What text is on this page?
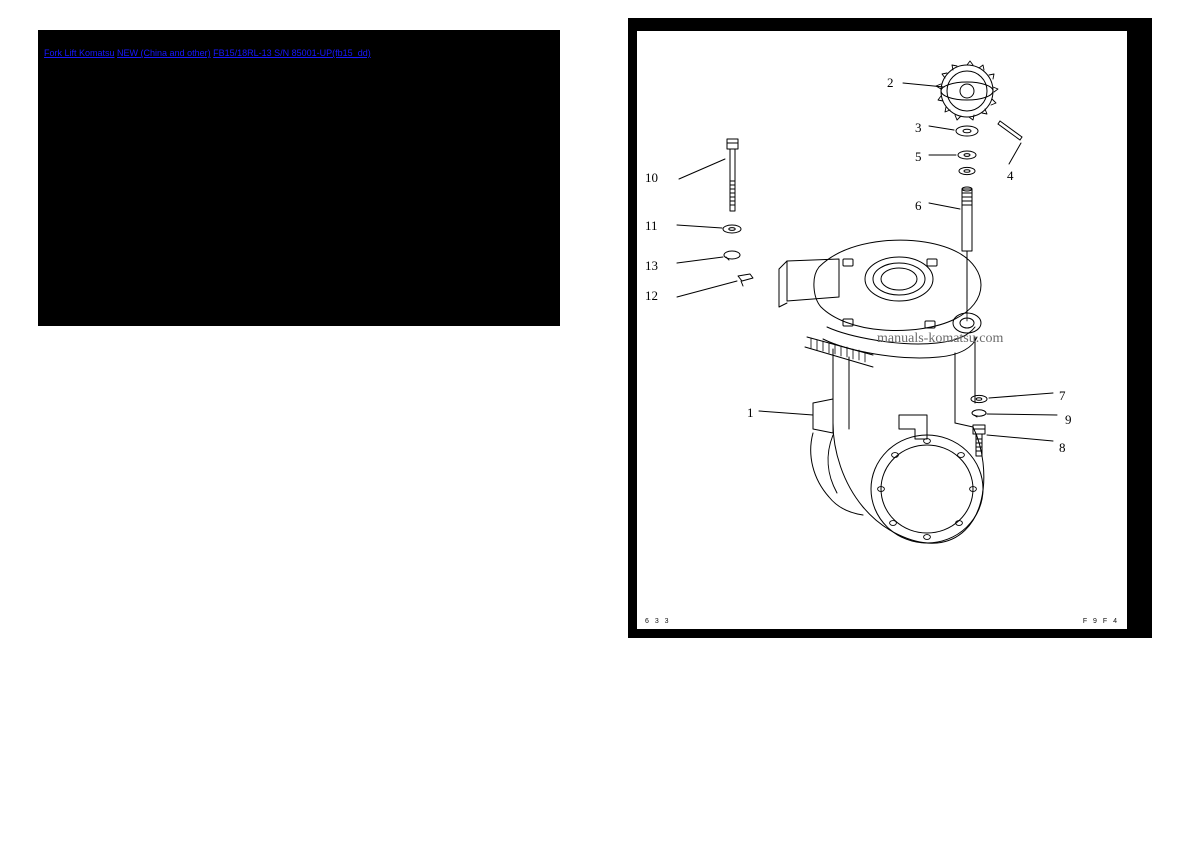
Fork Lift Komatsu NEW (China and other) FB15/18RL-13 S/N 85001-UP(fb15_dd)
2
3
5
4
6
10
11
13
12
1
7
9
8
manuals-komatsu.com
6 3 3	F 9 F 4
